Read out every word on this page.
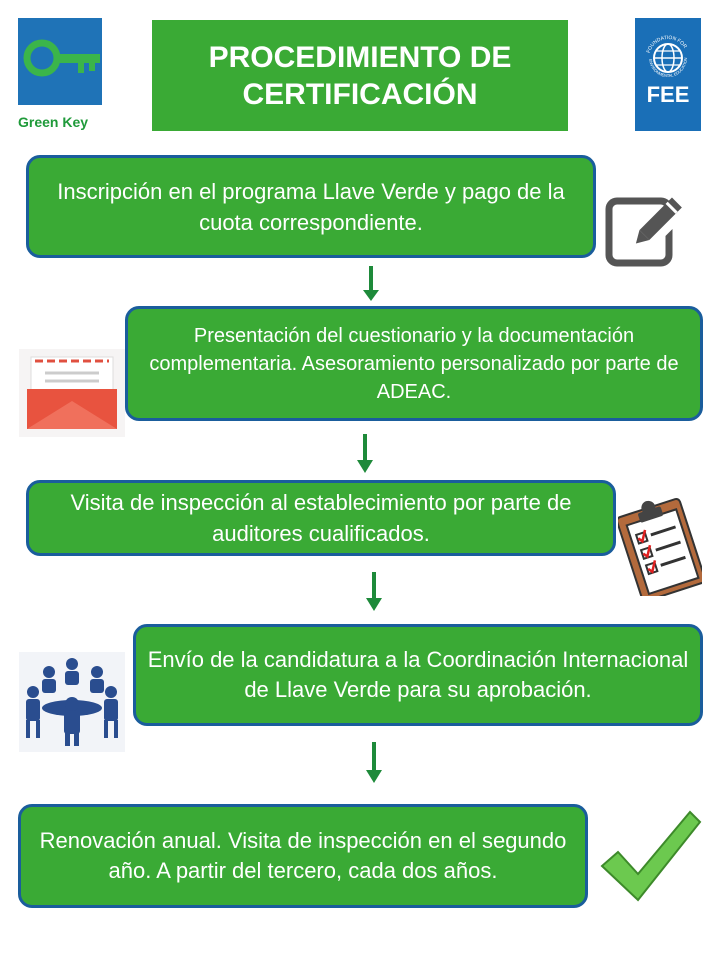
Green Key
PROCEDIMIENTO DE
CERTIFICACIÓN
FOUNDATION FOR
ENVIRONMENTAL EDUCATION
FEE
Inscripción en el programa Llave Verde y pago de la cuota correspondiente.
Presentación del cuestionario y la documentación complementaria. Asesoramiento personalizado por parte de ADEAC.
Visita de inspección al establecimiento por parte de auditores cualificados.
Envío de la candidatura a la Coordinación Internacional de Llave Verde para su aprobación.
Renovación anual. Visita de inspección en el segundo año. A partir del tercero, cada dos años.
